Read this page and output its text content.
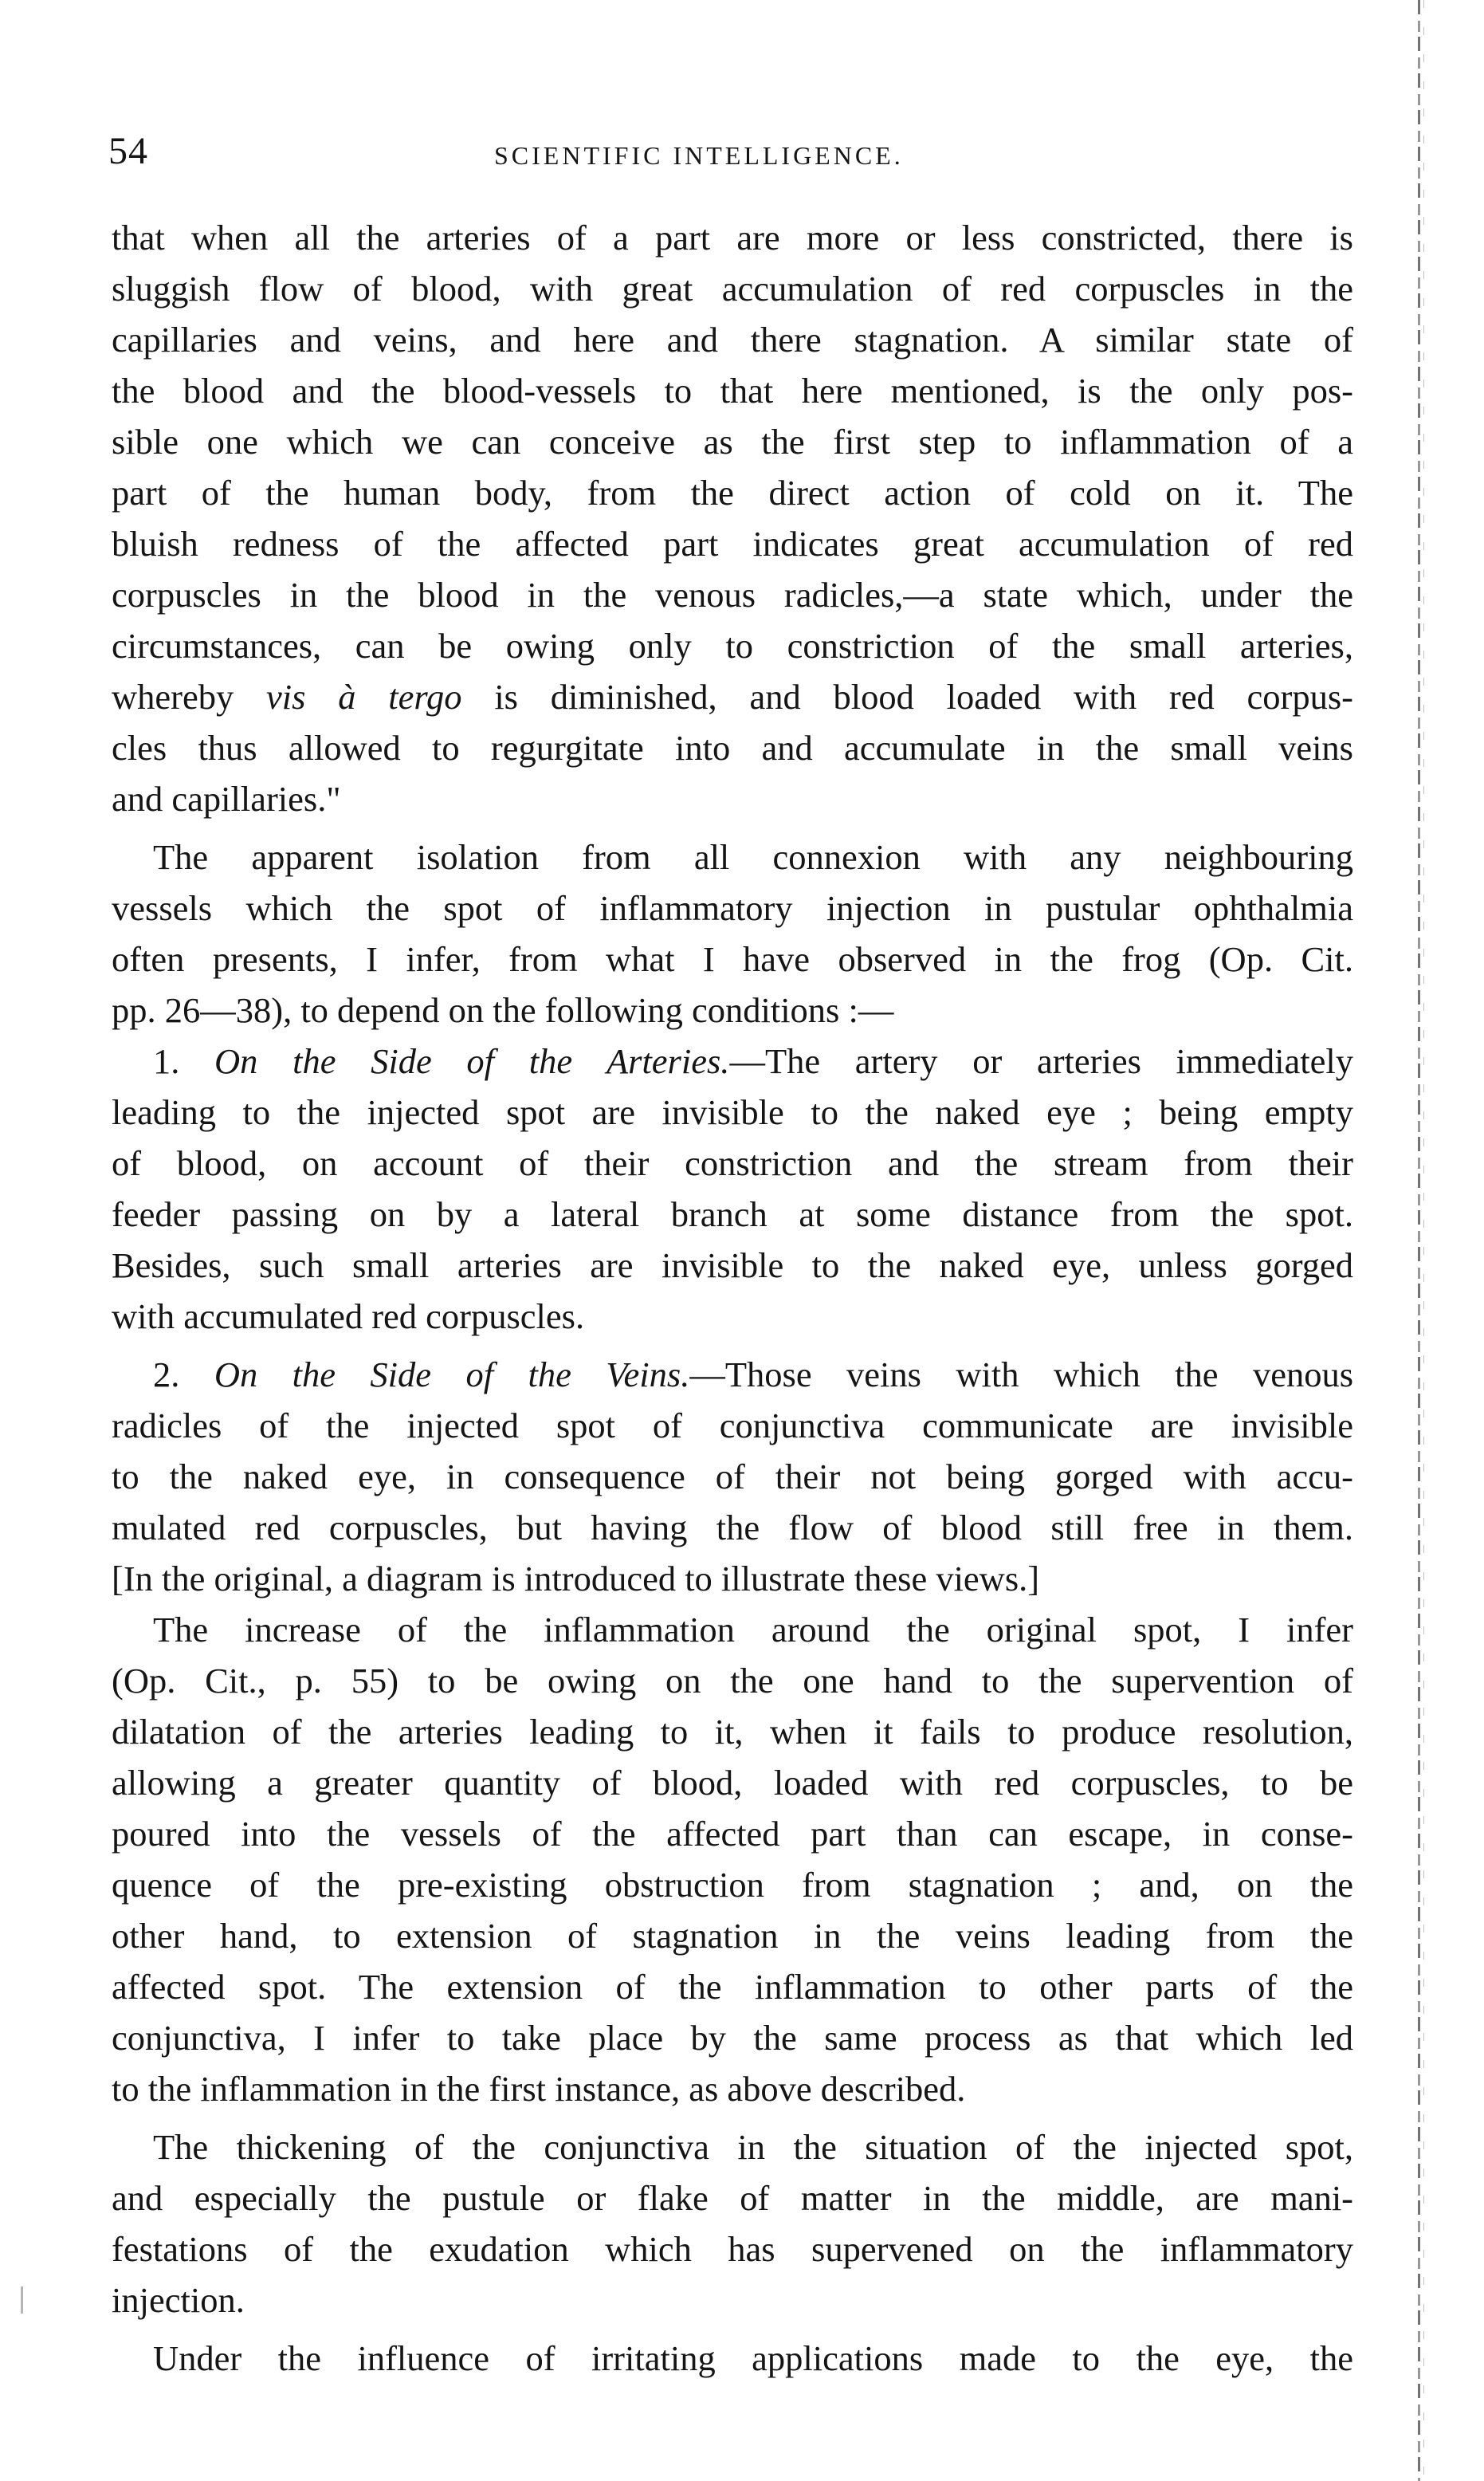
54	SCIENTIFIC INTELLIGENCE.
that when all the arteries of a part are more or less constricted, there is
sluggish flow of blood, with great accumulation of red corpuscles in the
capillaries and veins, and here and there stagnation. A similar state of
the blood and the blood-vessels to that here mentioned, is the only pos-
sible one which we can conceive as the first step to inflammation of a
part of the human body, from the direct action of cold on it. The
bluish redness of the affected part indicates great accumulation of red
corpuscles in the blood in the venous radicles,—a state which, under the
circumstances, can be owing only to constriction of the small arteries,
whereby vis à tergo is diminished, and blood loaded with red corpus-
cles thus allowed to regurgitate into and accumulate in the small veins
and capillaries."
The apparent isolation from all connexion with any neighbouring
vessels which the spot of inflammatory injection in pustular ophthalmia
often presents, I infer, from what I have observed in the frog (Op. Cit.
pp. 26—38), to depend on the following conditions :—
1. On the Side of the Arteries.—The artery or arteries immediately
leading to the injected spot are invisible to the naked eye ; being empty
of blood, on account of their constriction and the stream from their
feeder passing on by a lateral branch at some distance from the spot.
Besides, such small arteries are invisible to the naked eye, unless gorged
with accumulated red corpuscles.
2. On the Side of the Veins.—Those veins with which the venous
radicles of the injected spot of conjunctiva communicate are invisible
to the naked eye, in consequence of their not being gorged with accu-
mulated red corpuscles, but having the flow of blood still free in them.
[In the original, a diagram is introduced to illustrate these views.]
The increase of the inflammation around the original spot, I infer
(Op. Cit., p. 55) to be owing on the one hand to the supervention of
dilatation of the arteries leading to it, when it fails to produce resolution,
allowing a greater quantity of blood, loaded with red corpuscles, to be
poured into the vessels of the affected part than can escape, in conse-
quence of the pre-existing obstruction from stagnation ; and, on the
other hand, to extension of stagnation in the veins leading from the
affected spot. The extension of the inflammation to other parts of the
conjunctiva, I infer to take place by the same process as that which led
to the inflammation in the first instance, as above described.
The thickening of the conjunctiva in the situation of the injected spot,
and especially the pustule or flake of matter in the middle, are mani-
festations of the exudation which has supervened on the inflammatory
injection.
Under the influence of irritating applications made to the eye, the
